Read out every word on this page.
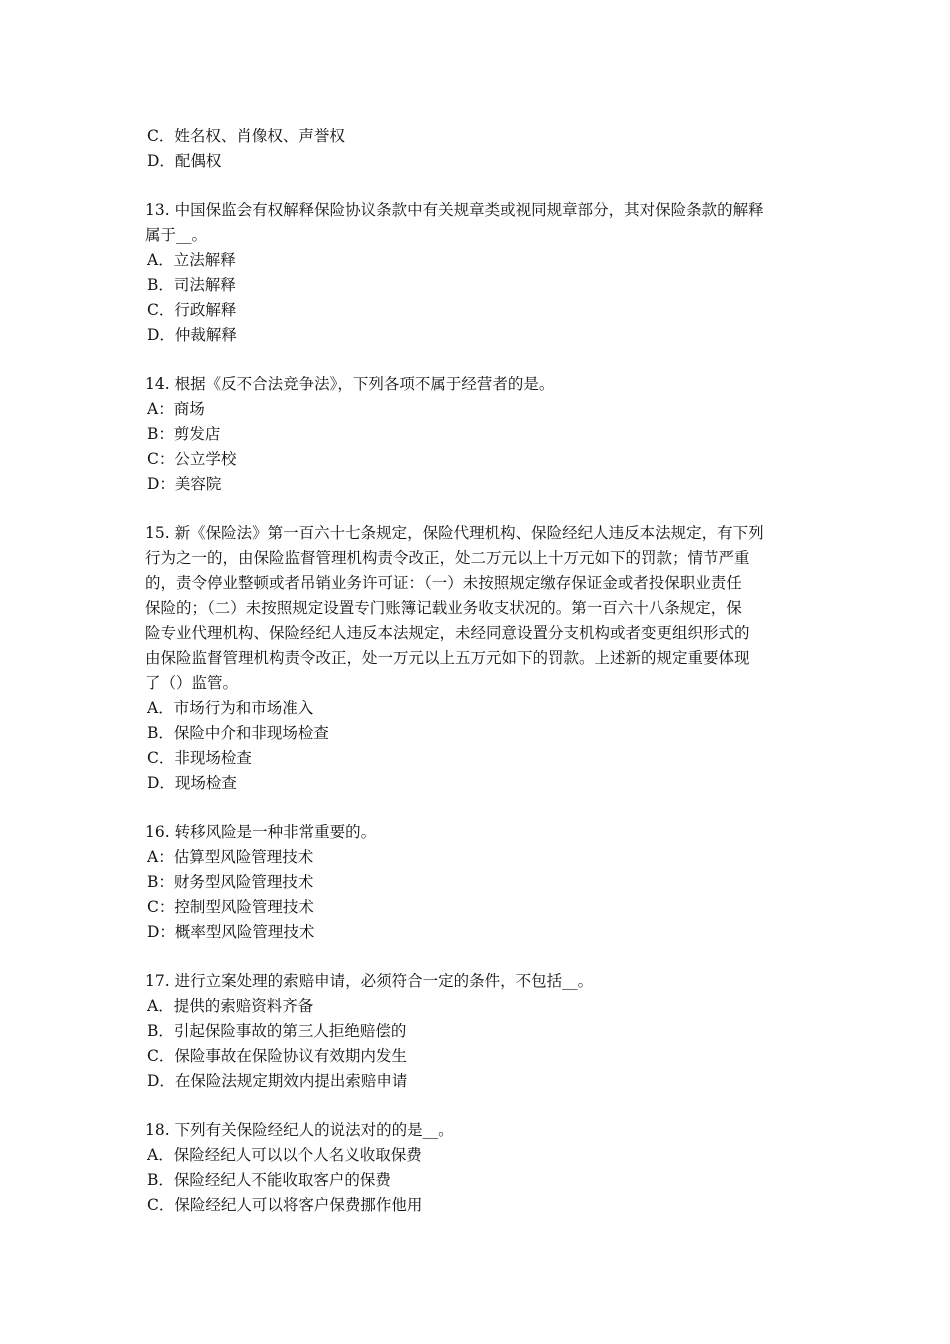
C．姓名权、肖像权、声誉权
D．配偶权
13. 中国保监会有权解释保险协议条款中有关规章类或视同规章部分，其对保险条款的解释
属于__。
A．立法解释
B．司法解释
C．行政解释
D．仲裁解释
14. 根据《反不合法竞争法》，下列各项不属于经营者的是。
A：商场
B：剪发店
C：公立学校
D：美容院
15. 新《保险法》第一百六十七条规定，保险代理机构、保险经纪人违反本法规定，有下列
行为之一的，由保险监督管理机构责令改正，处二万元以上十万元如下的罚款；情节严重
的，责令停业整顿或者吊销业务许可证：（一）未按照规定缴存保证金或者投保职业责任
保险的；（二）未按照规定设置专门账簿记载业务收支状况的。第一百六十八条规定，保
险专业代理机构、保险经纪人违反本法规定，未经同意设置分支机构或者变更组织形式的
由保险监督管理机构责令改正，处一万元以上五万元如下的罚款。上述新的规定重要体现
了（）监管。
A．市场行为和市场准入
B．保险中介和非现场检查
C．非现场检查
D．现场检查
16. 转移风险是一种非常重要的。
A：估算型风险管理技术
B：财务型风险管理技术
C：控制型风险管理技术
D：概率型风险管理技术
17. 进行立案处理的索赔申请，必须符合一定的条件，不包括__。
A．提供的索赔资料齐备
B．引起保险事故的第三人拒绝赔偿的
C．保险事故在保险协议有效期内发生
D．在保险法规定期效内提出索赔申请
18. 下列有关保险经纪人的说法对的的是__。
A．保险经纪人可以以个人名义收取保费
B．保险经纪人不能收取客户的保费
C．保险经纪人可以将客户保费挪作他用
